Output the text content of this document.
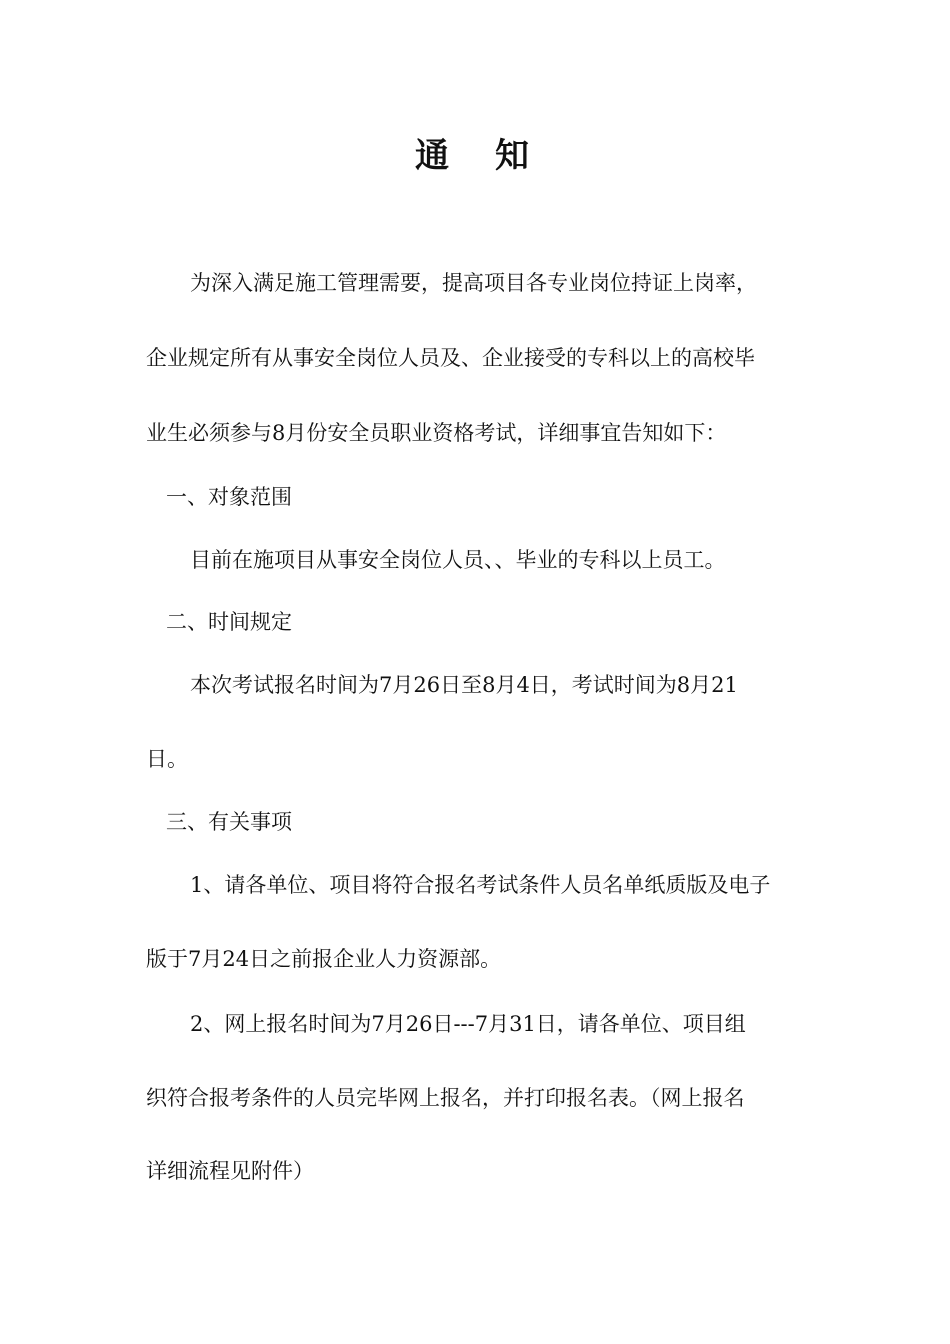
通　知
为深入满足施工管理需要，提高项目各专业岗位持证上岗率，
企业规定所有从事安全岗位人员及、企业接受的专科以上的高校毕
业生必须参与8月份安全员职业资格考试，详细事宜告知如下：
一、对象范围
目前在施项目从事安全岗位人员、、毕业的专科以上员工。
二、时间规定
本次考试报名时间为7月26日至8月4日，考试时间为8月21
日。
三、有关事项
1、请各单位、项目将符合报名考试条件人员名单纸质版及电子
版于7月24日之前报企业人力资源部。
2、网上报名时间为7月26日---7月31日，请各单位、项目组
织符合报考条件的人员完毕网上报名，并打印报名表。（网上报名
详细流程见附件）
